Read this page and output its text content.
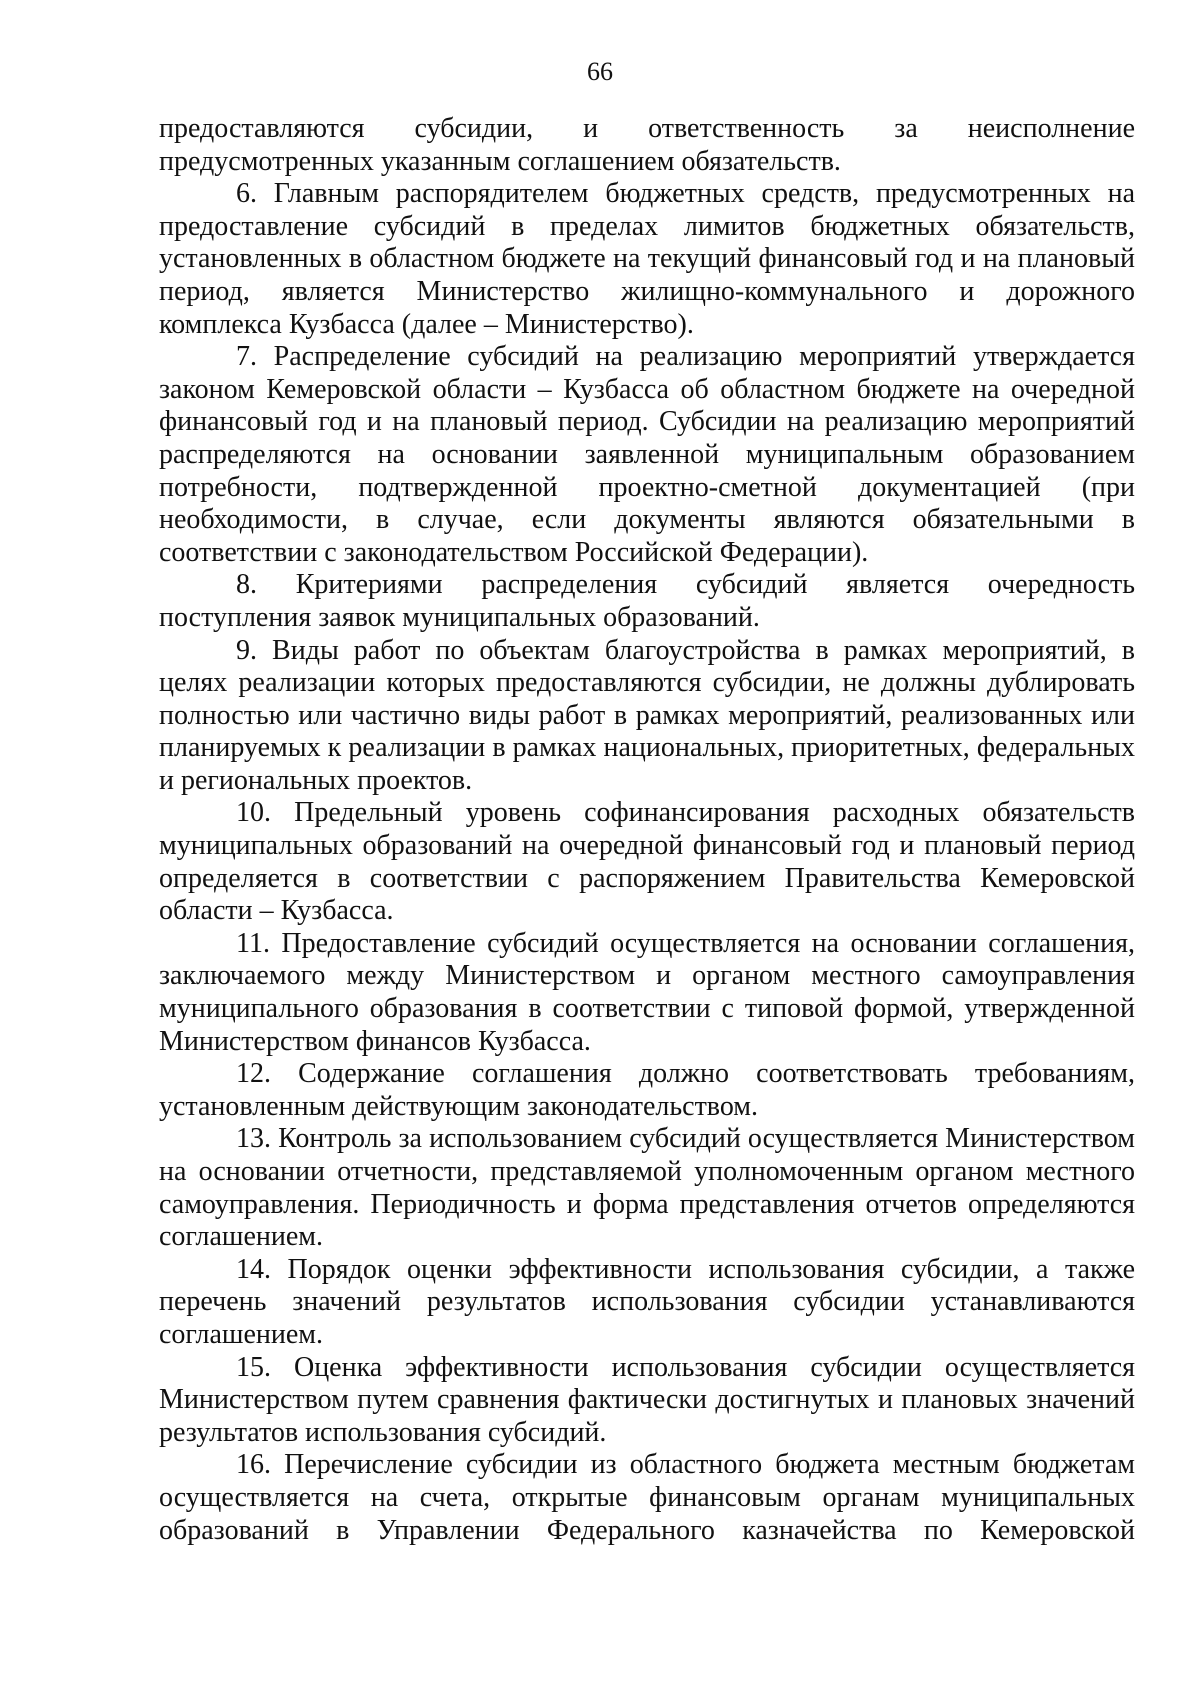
66

предоставляются субсидии, и ответственность за неисполнение предусмотренных указанным соглашением обязательств.

6. Главным распорядителем бюджетных средств, предусмотренных на предоставление субсидий в пределах лимитов бюджетных обязательств, установленных в областном бюджете на текущий финансовый год и на плановый период, является Министерство жилищно-коммунального и дорожного комплекса Кузбасса (далее – Министерство).

7. Распределение субсидий на реализацию мероприятий утверждается законом Кемеровской области – Кузбасса об областном бюджете на очередной финансовый год и на плановый период. Субсидии на реализацию мероприятий распределяются на основании заявленной муниципальным образованием потребности, подтвержденной проектно-сметной документацией (при необходимости, в случае, если документы являются обязательными в соответствии с законодательством Российской Федерации).

8. Критериями распределения субсидий является очередность поступления заявок муниципальных образований.

9. Виды работ по объектам благоустройства в рамках мероприятий, в целях реализации которых предоставляются субсидии, не должны дублировать полностью или частично виды работ в рамках мероприятий, реализованных или планируемых к реализации в рамках национальных, приоритетных, федеральных и региональных проектов.

10. Предельный уровень софинансирования расходных обязательств муниципальных образований на очередной финансовый год и плановый период определяется в соответствии с распоряжением Правительства Кемеровской области – Кузбасса.

11. Предоставление субсидий осуществляется на основании соглашения, заключаемого между Министерством и органом местного самоуправления муниципального образования в соответствии с типовой формой, утвержденной Министерством финансов Кузбасса.

12. Содержание соглашения должно соответствовать требованиям, установленным действующим законодательством.

13. Контроль за использованием субсидий осуществляется Министерством на основании отчетности, представляемой уполномоченным органом местного самоуправления. Периодичность и форма представления отчетов определяются соглашением.

14. Порядок оценки эффективности использования субсидии, а также перечень значений результатов использования субсидии устанавливаются соглашением.

15. Оценка эффективности использования субсидии осуществляется Министерством путем сравнения фактически достигнутых и плановых значений результатов использования субсидий.

16. Перечисление субсидии из областного бюджета местным бюджетам осуществляется на счета, открытые финансовым органам муниципальных образований в Управлении Федерального казначейства по Кемеровской
